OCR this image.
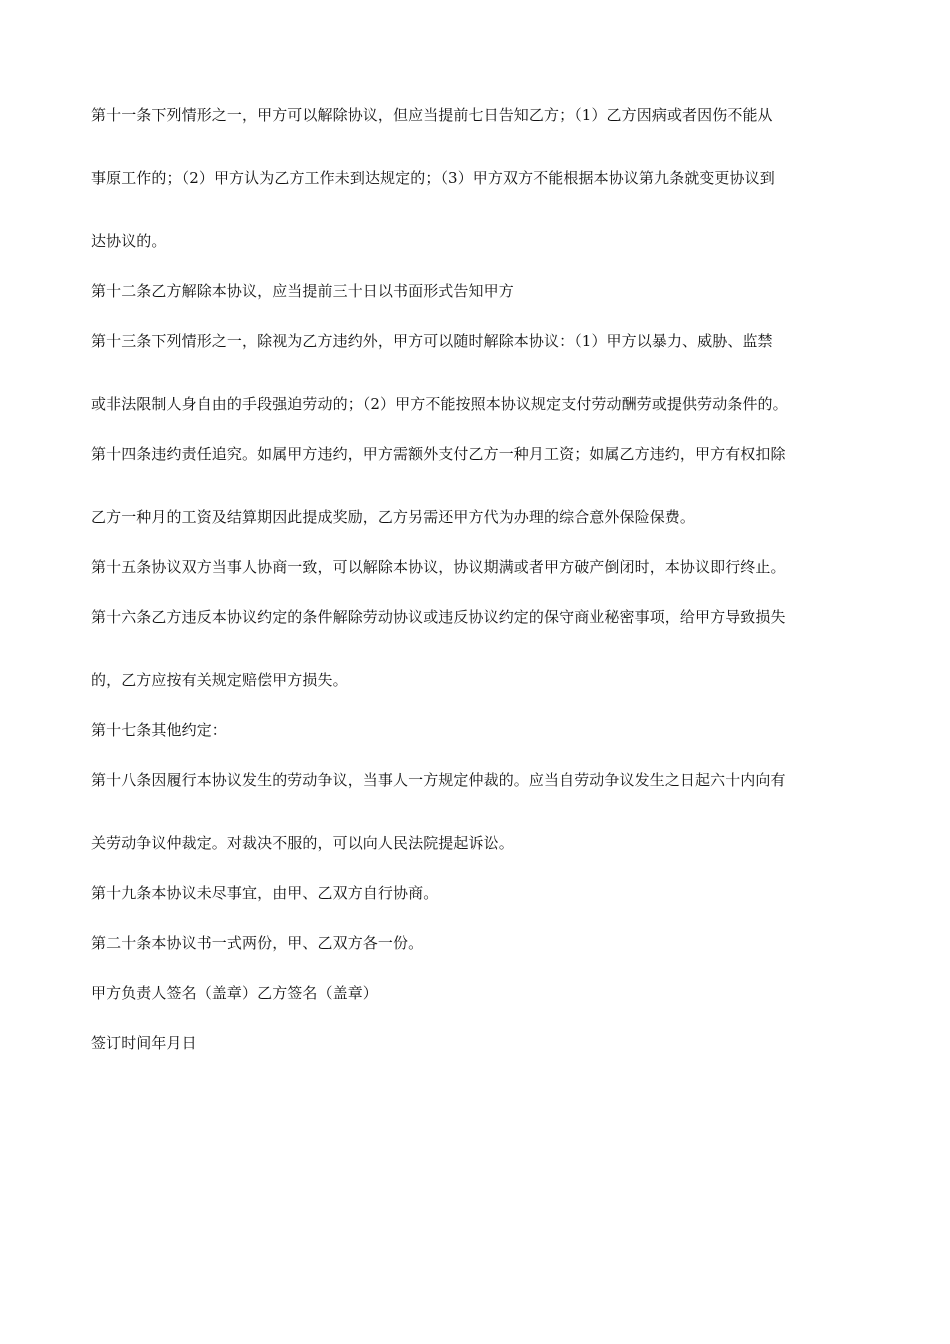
第十一条下列情形之一，甲方可以解除协议，但应当提前七日告知乙方；（1）乙方因病或者因伤不能从

事原工作的；（2）甲方认为乙方工作未到达规定的；（3）甲方双方不能根据本协议第九条就变更协议到

达协议的。

第十二条乙方解除本协议，应当提前三十日以书面形式告知甲方

第十三条下列情形之一，除视为乙方违约外，甲方可以随时解除本协议：（1）甲方以暴力、威胁、监禁

或非法限制人身自由的手段强迫劳动的；（2）甲方不能按照本协议规定支付劳动酬劳或提供劳动条件的。

第十四条违约责任追究。如属甲方违约，甲方需额外支付乙方一种月工资；如属乙方违约，甲方有权扣除

乙方一种月的工资及结算期因此提成奖励，乙方另需还甲方代为办理的综合意外保险保费。

第十五条协议双方当事人协商一致，可以解除本协议，协议期满或者甲方破产倒闭时，本协议即行终止。

第十六条乙方违反本协议约定的条件解除劳动协议或违反协议约定的保守商业秘密事项，给甲方导致损失

的，乙方应按有关规定赔偿甲方损失。

第十七条其他约定：

第十八条因履行本协议发生的劳动争议，当事人一方规定仲裁的。应当自劳动争议发生之日起六十内向有

关劳动争议仲裁定。对裁决不服的，可以向人民法院提起诉讼。

第十九条本协议未尽事宜，由甲、乙双方自行协商。

第二十条本协议书一式两份，甲、乙双方各一份。

甲方负责人签名（盖章）乙方签名（盖章）

签订时间年月日
